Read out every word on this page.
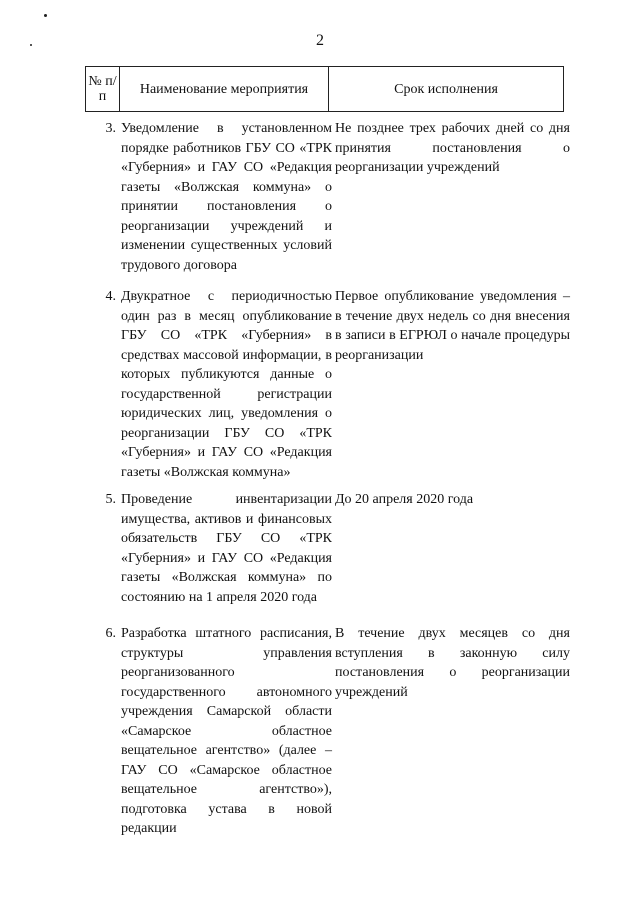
2
№ п/п	Наименование мероприятия	Срок исполнения
3. Уведомление в установленном порядке работников ГБУ СО «ТРК «Губерния» и ГАУ СО «Редакция газеты «Волжская коммуна» о принятии постановления о реорганизации учреждений и изменении существенных условий трудового договора
Не позднее трех рабочих дней со дня принятия постановления о реорганизации учреждений
4. Двукратное с периодичностью один раз в месяц опубликование ГБУ СО «ТРК «Губерния» в средствах массовой информации, в которых публикуются данные о государственной регистрации юридических лиц, уведомления о реорганизации ГБУ СО «ТРК «Губерния» и ГАУ СО «Редакция газеты «Волжская коммуна»
Первое опубликование уведомления – в течение двух недель со дня внесения в записи в ЕГРЮЛ о начале процедуры реорганизации
5. Проведение инвентаризации имущества, активов и финансовых обязательств ГБУ СО «ТРК «Губерния» и ГАУ СО «Редакция газеты «Волжская коммуна» по состоянию на 1 апреля 2020 года
До 20 апреля 2020 года
6. Разработка штатного расписания, структуры управления реорганизованного государственного автономного учреждения Самарской области «Самарское областное вещательное агентство» (далее – ГАУ СО «Самарское областное вещательное агентство»), подготовка устава в новой редакции
В течение двух месяцев со дня вступления в законную силу постановления о реорганизации учреждений
